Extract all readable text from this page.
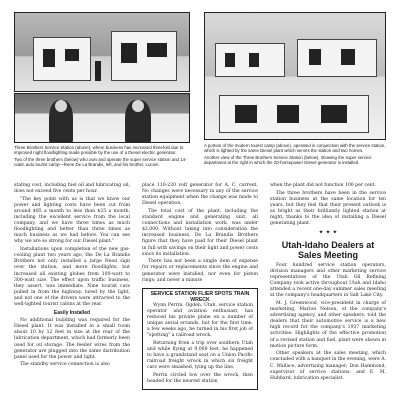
Three Brothers Service Station (above), where business has increased threefold due to improved night floodlighting made possible by the use of a Diesel electric generator.

Two of the three brothers (below) who own and operate the super service station and 14-cabin auto tourist camp—Rene De La Brandis, left, and his brother, Lucien.

A portion of the modern tourist camp (above), operated in conjunction with the service station, which is lighted by the same Diesel plant which serves the station and two homes.

Another view of the Three Brothers Service Station (below), showing the super service department at the right in which the 20-horsepower Diesel generator is installed.

stating cost, including fuel oil and lubricating oil, does not exceed five cents per hour.

"The key point with us is that we know our power and lighting costs have been cut from around $85 a month to less than $25 a month, including the excellent service from the local company, and we have three times as much floodlighting and better than three times as much business as we had before. You can see why we are so strong for our Diesel plant."

Installations upon completion of the new gas-cooling plant two years ago, the De La Brandis Brothers not only installed a large Neon sign over the station, and more floodlights, but increased all existing globes from 100-watt to 300-watt size. The effect upon traffic business, they assert, was immediate. Nine tourist cars pulled in from the highway, lured by the light, and not one of the drivers were attracted to the well-lighted tourist cabins at the rear.

Easily Installed

No additional building was required for the Diesel plant. It was installed in a small room about 10 by 12 feet in size at the rear of the lubrication department, which had formerly been used for oil storage. The feeder wires from the generator are plugged into the same distribution panel used for the power and light.

The standby service connection is also

place 110-220 volt generator for A. C. current. No changes were necessary in any of the service station equipment when the change was made to Diesel operation.

The total cost of the plant, including the standard engine and generating unit, all connections and installation work, was under $2,000. Without taking into consideration the increased business, De La Brandis Brothers figure that they have paid for their Diesel plant in full with savings on their light and power costs since its installation.

There has not been a single item of expense for repairs or replacements since the engine and generator were installed, nor even for piston rings; and never a minute

SERVICE STATION FLIER SPOTS TRAIN WRECK

Wynn Perrin, Ogden, Utah, service station operator and aviation enthusiast, has reduced his private plane on a number of unique aerial errands, but for the first time, a few weeks ago, he turned in his first job of "spotting" a railroad wreck.

Returning from a trip over southern Utah and while flying at 9,000 feet, he happened to have a grandstand seat on a Union Pacific railroad freight wreck in which six freight cars were smashed, tying up the line.

Perrin circled low over the wreck, then headed for the nearest station

when the plant did not function 100 per cent.

The three brothers have been in the service station business at the same location for ten years, but they feel that their present outlook is as bright as their brilliantly lighted station at night, thanks to the idea of installing a Diesel generating plant.

✦ ✦ ✦
Utah-Idaho Dealers at Sales Meeting

Four hundred service station operators, division managers and other marketing service representatives of the Utah Oil Refining Company took active throughout Utah and Idaho attended a recent one-day summer sales meeting at the company's headquarters in Salt Lake City.

M. J. Greenwood, vice-president in charge of marketing, Marion Nelson, of the company's advertising agency, and other speakers, told the dealers that their automotive service is a new high record for the company's 1937 marketing activities. Highlights of the effective promotion of a revised station and fuel, plant were shown in motion picture form.

Other speakers at the sales meeting, which concluded with a banquet in the evening, were A. C. Wallace, advertising manager; Don Hammond, supervisor of service stations; and E. M. Hubbard, lubrication specialist.
